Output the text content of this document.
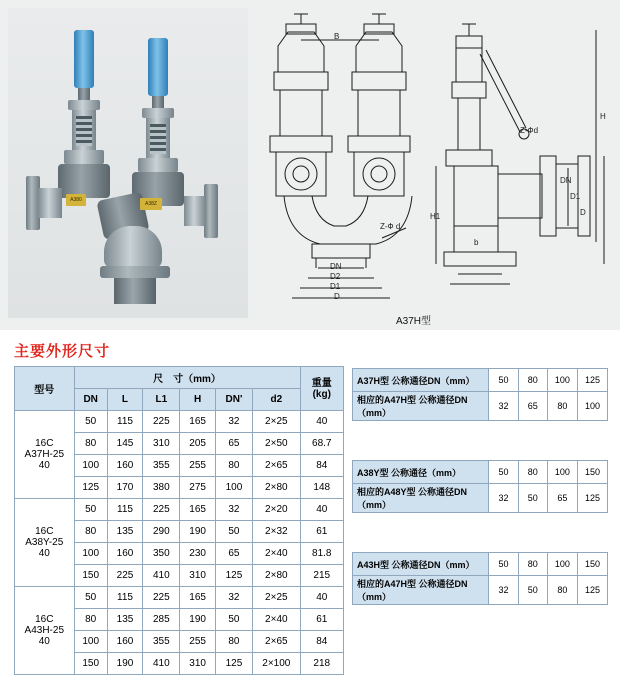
A380
A38Z
B
Z-Ф d
DN
D2
D1
D
Z-Фd
H
H1
DN
D1
D
b
A37H型
主要外形尺寸
型号	尺　寸（mm）						重量
(kg)
	DN	L	L1	H	DN'	d2	
16C
A37H-25
40	50	115	225	165	32	2×25	40
	80	145	310	205	65	2×50	68.7
	100	160	355	255	80	2×65	84
	125	170	380	275	100	2×80	148
16C
A38Y-25
40	50	115	225	165	32	2×20	40
	80	135	290	190	50	2×32	61
	100	160	350	230	65	2×40	81.8
	150	225	410	310	125	2×80	215
16C
A43H-25
40	50	115	225	165	32	2×25	40
	80	135	285	190	50	2×40	61
	100	160	355	255	80	2×65	84
	150	190	410	310	125	2×100	218
A37H型 公称通径DN（mm）	50	80	100	125
相应的A47H型 公称通径DN（mm）	32	65	80	100
A38Y型 公称通径（mm）	50	80	100	150
相应的A48Y型 公称通径DN（mm）	32	50	65	125
A43H型 公称通径DN（mm）	50	80	100	150
相应的A47H型 公称通径DN（mm）	32	50	80	125
